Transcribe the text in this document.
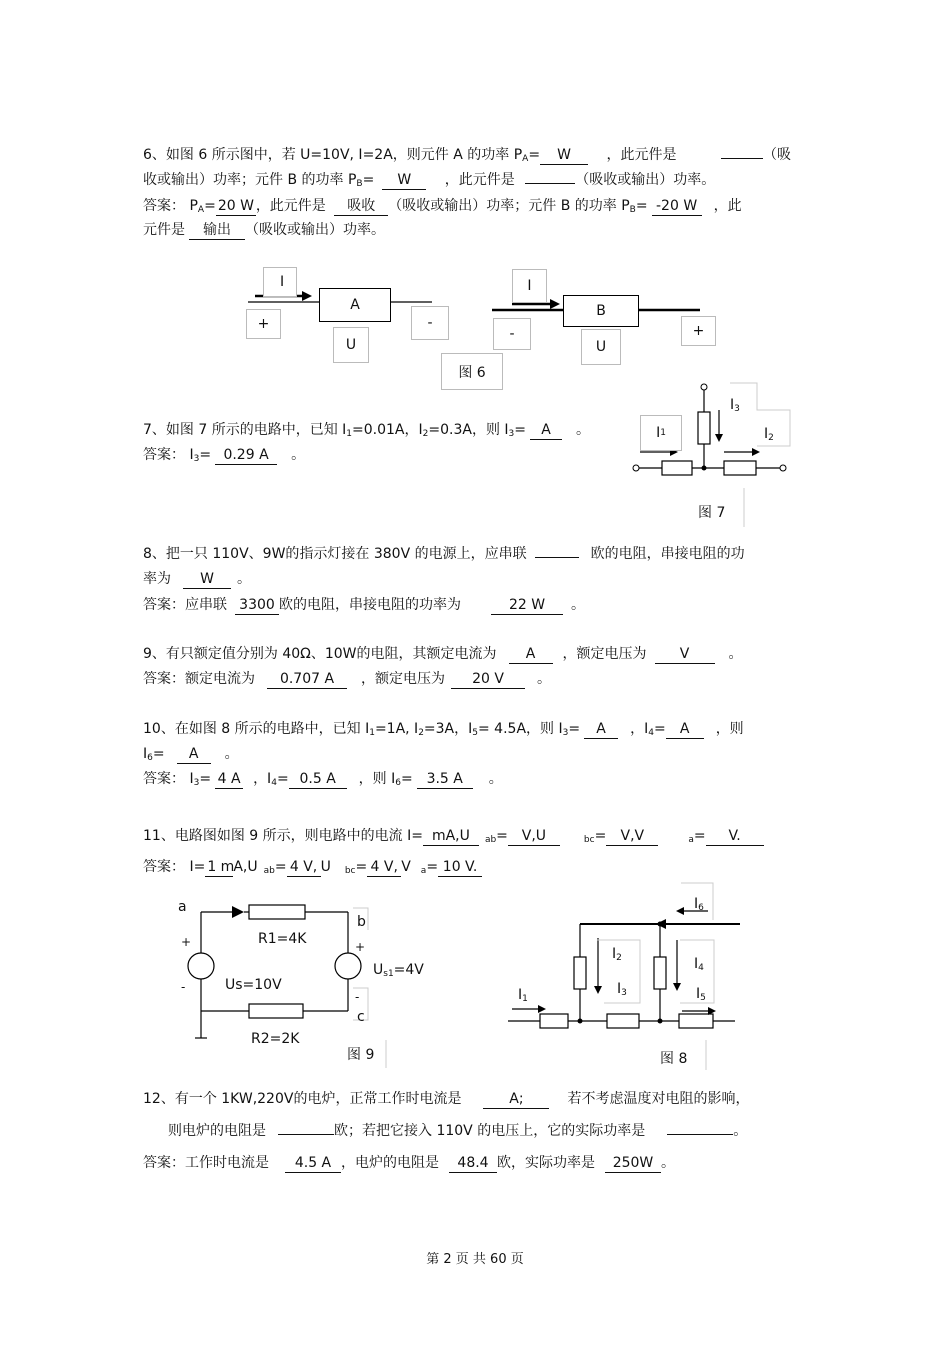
6、如图 6 所示图中，若 U=10V, I=2A，则元件 A 的功率 $P_A= W$	，此元件是	（吸
收或输出）功率；元件 B 的功率 $P_B= W$ ，此元件是	（吸收或输出）功率。
答案： $P_A= 20$ W ，此元件是 吸收 （吸收或输出）功率；元件 B 的功率 $P_B= -20$ W ，此
元件是 输出 （吸收或输出）功率。
I
A
+	-
U
I
B
-	+
U
图 6
7、如图 7 所示的电路中，已知 $I_1=0.01A$，$I_2=0.3A$，则 $I_3= A$ 。
答案： $I_3= 0.29$ A 。
I 1
$I_3$
$I_2$
图 7
8、把一只 110V、9W的指示灯接在 380V 的电源上，应串联	欧的电阻，串接电阻的功
率为 W 。
答案：应串联 3300 欧的电阻，串接电阻的功率为	22 W 。
9、有只额定值分别为 40Ω、10W的电阻，其额定电流为 A ，额定电压为 V	。
答案：额定电流为 0.707 A ，额定电压为 20 V 。
10、在如图 8 所示的电路中，已知 $I_1=1A$, $I_2=3A$，$I_5= 4.5A$，则 $I_3= A$ ，$I_4= A$ ，则
$I_6= A$ 。
答案： $I_3= 4$ A ，$I_4= 0.5$ A ，则 $I_6= 3.5$ A 。
11、电路图如图 9 所示，则电路中的电流 I= mA,U $_{ab}$= V,U	$_{bc}$= V,V	$_a$= V.
答案： I= 1 mA,U $_{ab}$= 4 V, U $_{bc}$= 4 V, V $_a$= 10 V.
a
b
c
+
-
+
-
R1=4K
Us=10V
$U_{s1}=4V$
R2=2K
图 9
$I_6$
$I_2$
$I_3$
$I_4$
$I_5$
$I_1$
图 8
12、有一个 1KW,220V的电炉，正常工作时电流是	A;	若不考虑温度对电阻的影响，
则电炉的电阻是	欧；若把它接入 110V 的电压上，它的实际功率是	。
答案：工作时电流是 4.5 A ，电炉的电阻是 48.4 欧，实际功率是 250W 。
第 2 页 共 60 页
